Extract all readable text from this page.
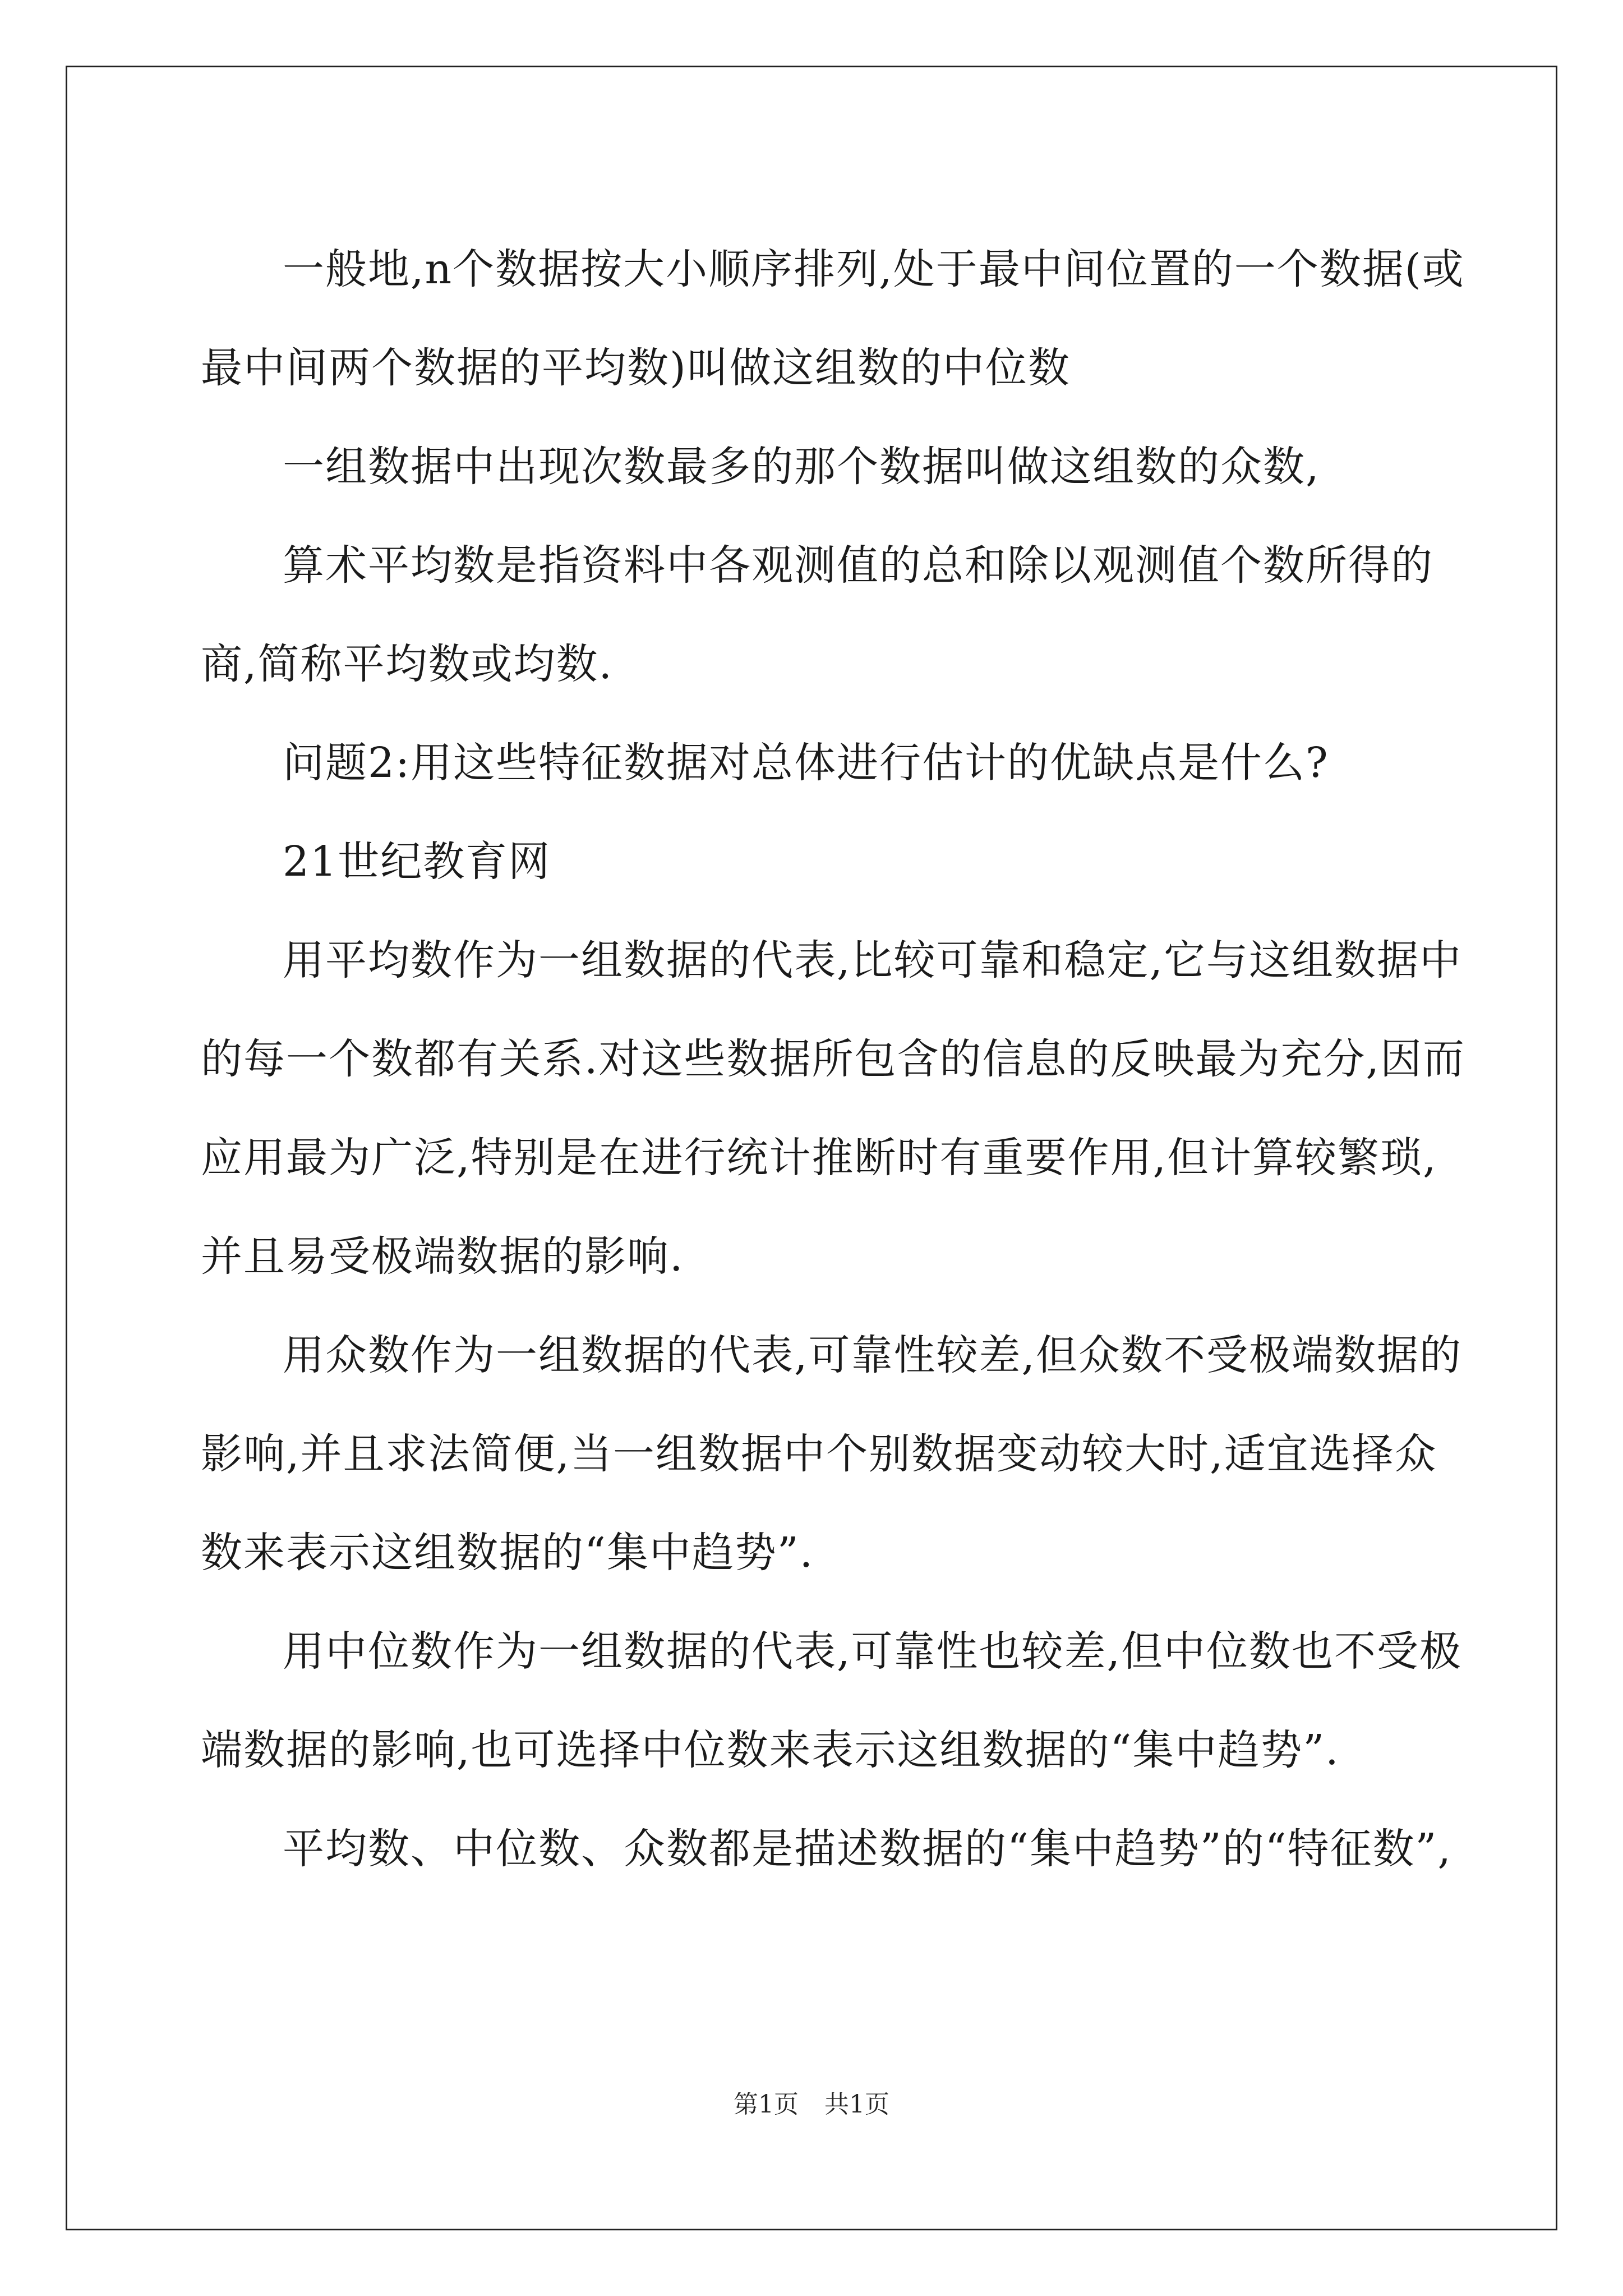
一般地,n个数据按大小顺序排列,处于最中间位置的一个数据(或最中间两个数据的平均数)叫做这组数的中位数

一组数据中出现次数最多的那个数据叫做这组数的众数,

算术平均数是指资料中各观测值的总和除以观测值个数所得的商,简称平均数或均数.

问题2:用这些特征数据对总体进行估计的优缺点是什么?

21世纪教育网

用平均数作为一组数据的代表,比较可靠和稳定,它与这组数据中的每一个数都有关系.对这些数据所包含的信息的反映最为充分,因而应用最为广泛,特别是在进行统计推断时有重要作用,但计算较繁琐,并且易受极端数据的影响.

用众数作为一组数据的代表,可靠性较差,但众数不受极端数据的影响,并且求法简便,当一组数据中个别数据变动较大时,适宜选择众数来表示这组数据的“集中趋势”.

用中位数作为一组数据的代表,可靠性也较差,但中位数也不受极端数据的影响,也可选择中位数来表示这组数据的“集中趋势”.

平均数、中位数、众数都是描述数据的“集中趋势”的“特征数”,

第1页 共1页
